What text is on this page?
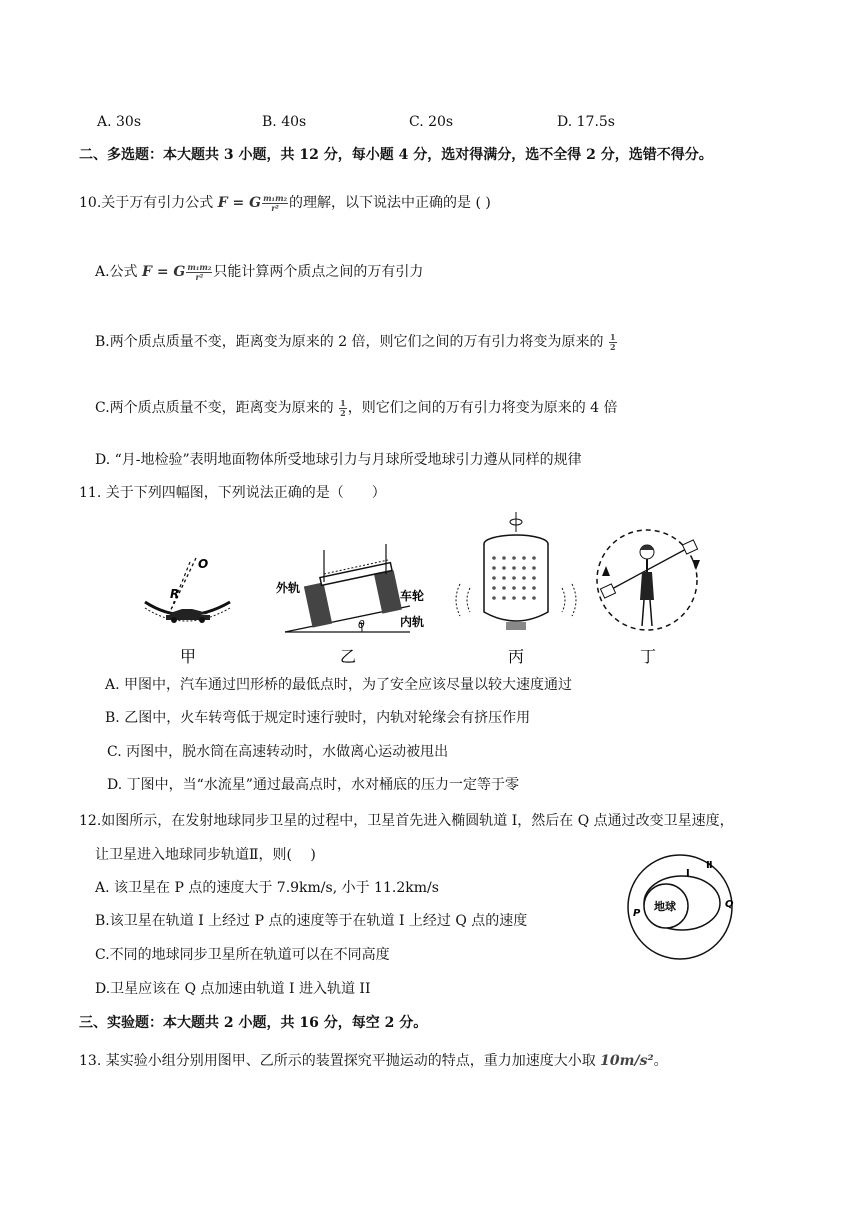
A. 30s	B. 40s	C. 20s	D. 17.5s
二、多选题：本大题共 3 小题，共 12 分，每小题 4 分，选对得满分，选不全得 2 分，选错不得分。
10.关于万有引力公式 F = G $\frac{\text{m₁m₂}}{\text{r²}}$ 的理解，以下说法中正确的是 ( )
A.公式 F = G $\frac{\text{m₁m₂}}{\text{r²}}$ 只能计算两个质点之间的万有引力
B.两个质点质量不变，距离变为原来的 2 倍，则它们之间的万有引力将变为原来的 $\frac{1}{2}$
C.两个质点质量不变，距离变为原来的 $\frac{1}{2}$ ，则它们之间的万有引力将变为原来的 4 倍
D. “月-地检验”表明地面物体所受地球引力与月球所受地球引力遵从同样的规律
11. 关于下列四幅图，下列说法正确的是（　　）
O
R
θ
外轨
车轮
内轨
甲	乙	丙	丁
A. 甲图中，汽车通过凹形桥的最低点时，为了安全应该尽量以较大速度通过
B. 乙图中，火车转弯低于规定时速行驶时，内轨对轮缘会有挤压作用
C. 丙图中，脱水筒在高速转动时，水做离心运动被甩出
D. 丁图中，当“水流星”通过最高点时，水对桶底的压力一定等于零
12.如图所示，在发射地球同步卫星的过程中，卫星首先进入椭圆轨道 I，然后在 Q 点通过改变卫星速度，
让卫星进入地球同步轨道Ⅱ，则(　 )
A. 该卫星在 P 点的速度大于 7.9km/s, 小于 11.2km/s
B.该卫星在轨道 I 上经过 P 点的速度等于在轨道 I 上经过 Q 点的速度
C.不同的地球同步卫星所在轨道可以在不同高度
D.卫星应该在 Q 点加速由轨道 I 进入轨道 II
地球
P
Q
I
Ⅱ
三、实验题：本大题共 2 小题，共 16 分，每空 2 分。
13. 某实验小组分别用图甲、乙所示的装置探究平抛运动的特点，重力加速度大小取 10m/s²。
